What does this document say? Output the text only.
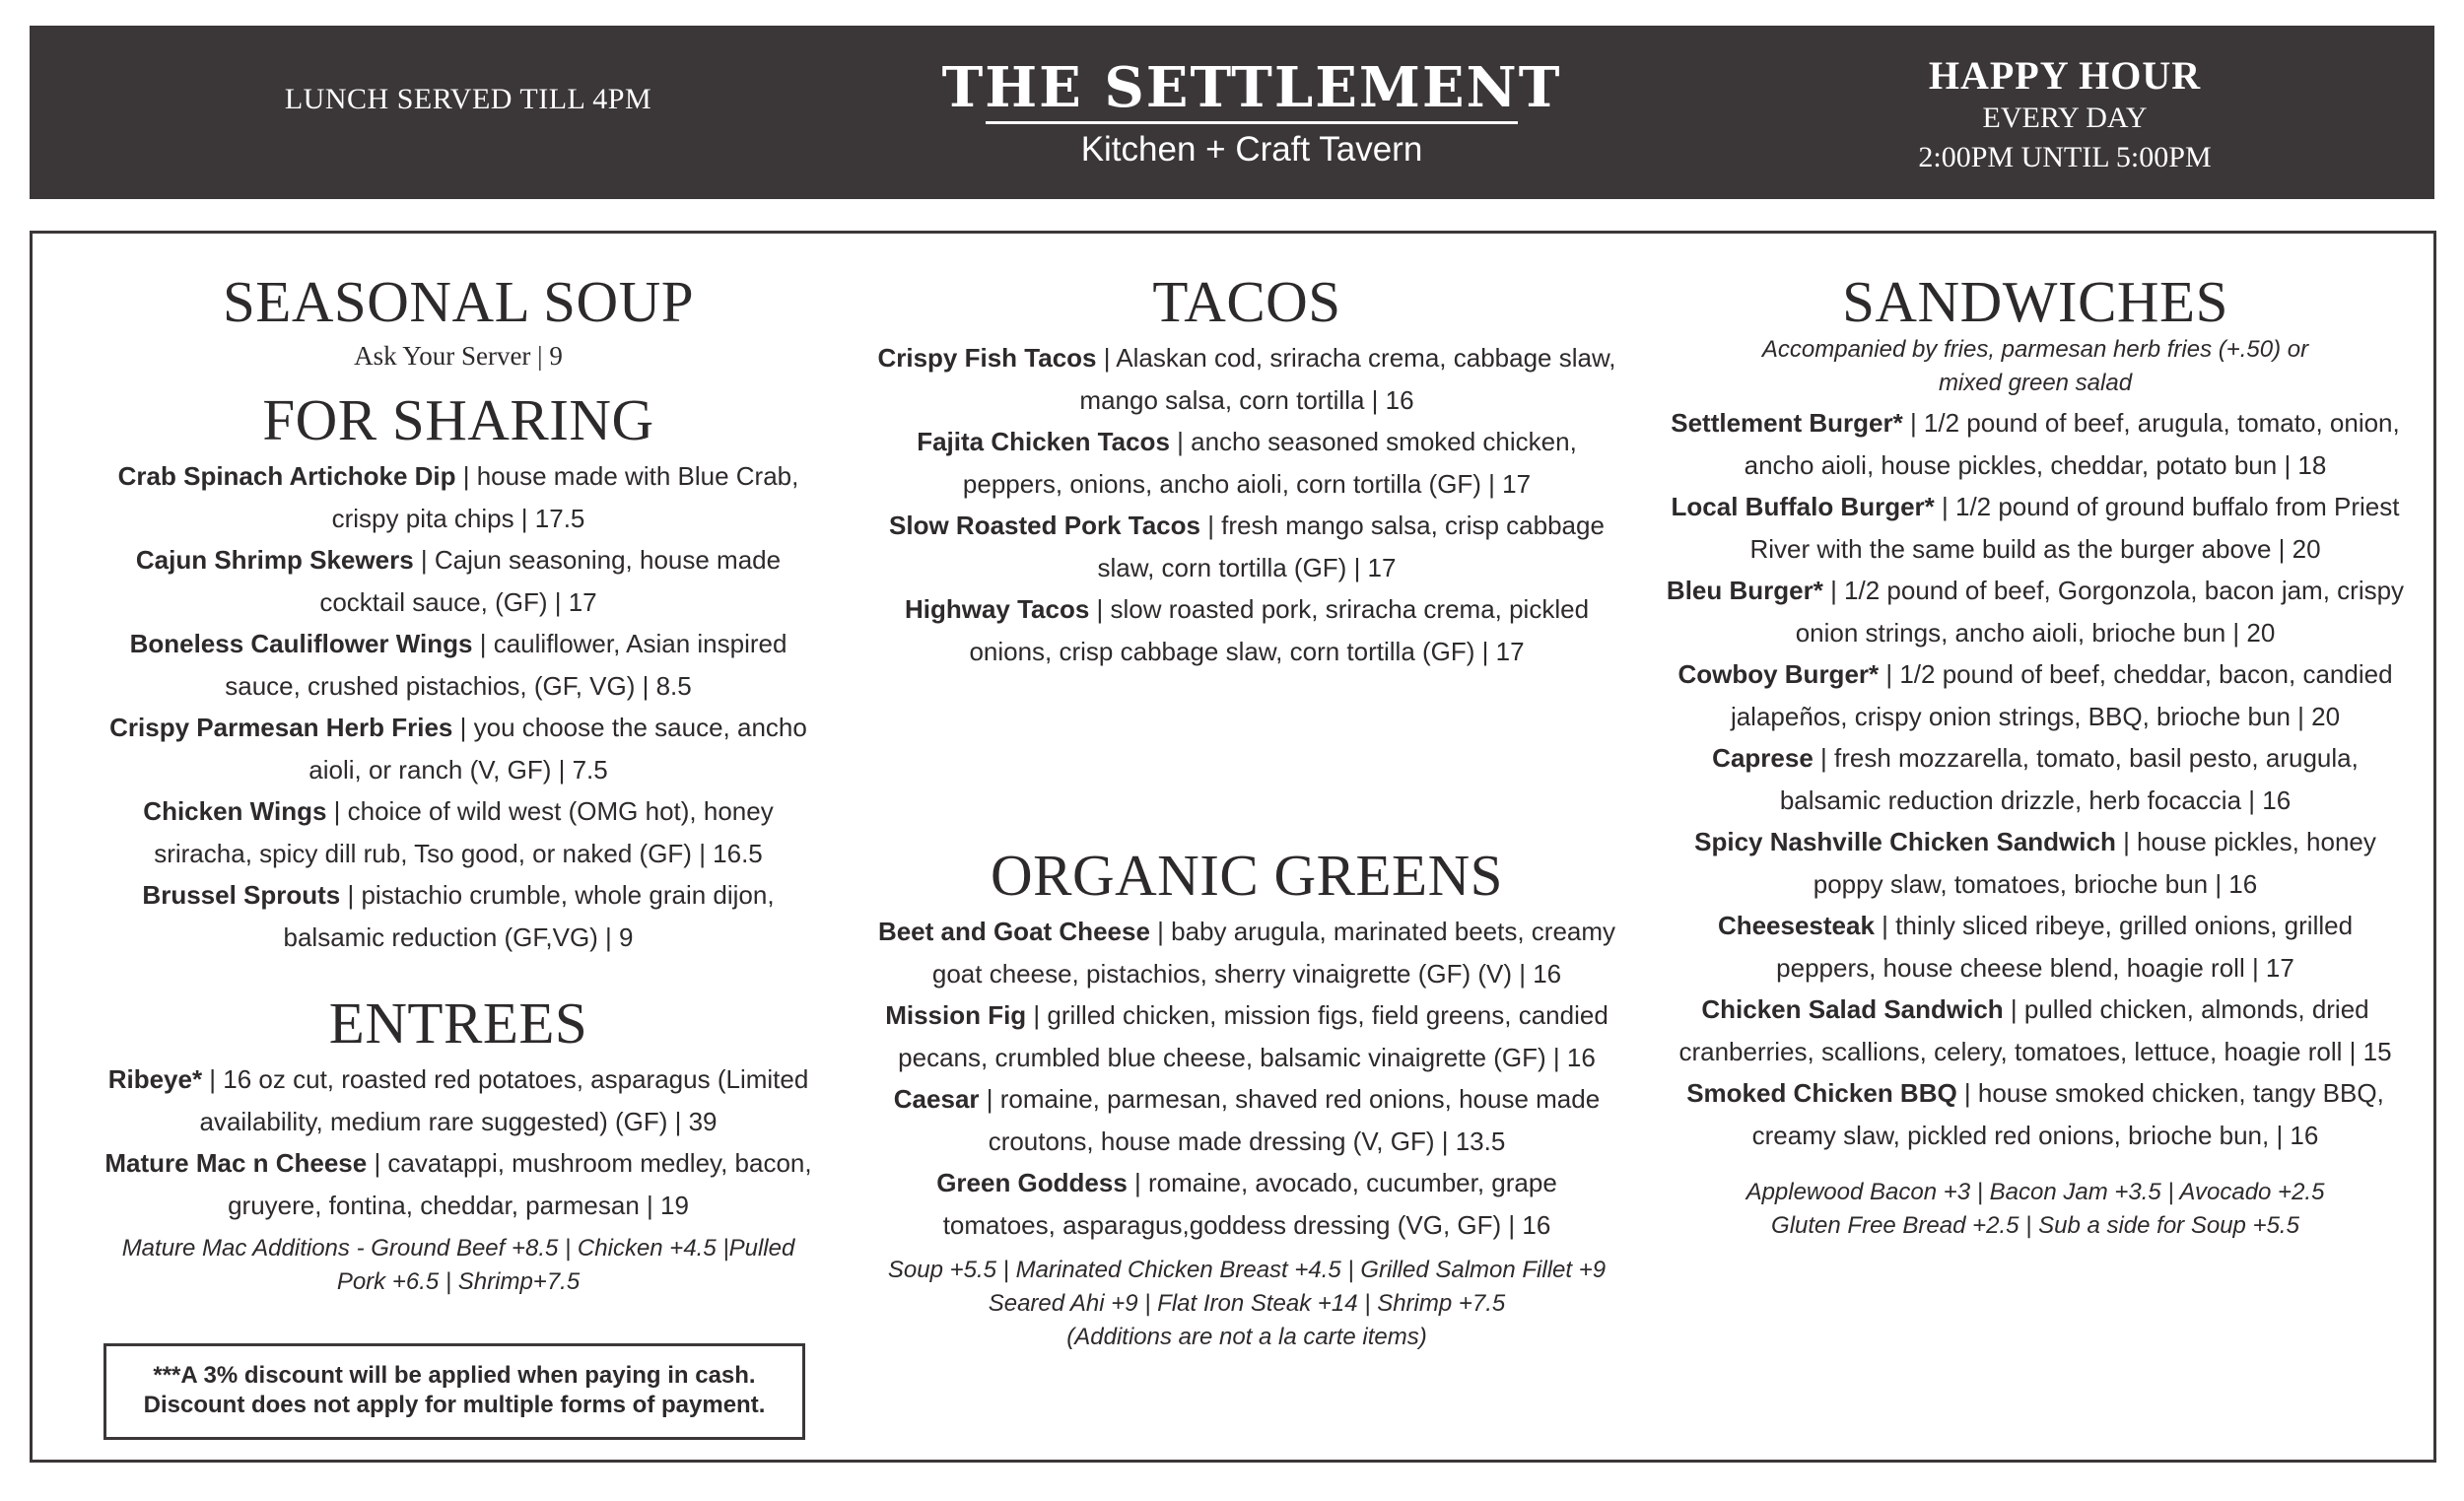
LUNCH SERVED TILL 4PM	THE SETTLEMENT
Kitchen + Craft Tavern
HAPPY HOUR
EVERY DAY
2:00PM UNTIL 5:00PM
SEASONAL SOUP
Ask Your Server | 9
FOR SHARING
Crab Spinach Artichoke Dip | house made with Blue Crab, crispy pita chips | 17.5
Cajun Shrimp Skewers | Cajun seasoning, house made cocktail sauce, (GF) | 17
Boneless Cauliflower Wings | cauliflower, Asian inspired sauce, crushed pistachios, (GF, VG) | 8.5
Crispy Parmesan Herb Fries | you choose the sauce, ancho aioli, or ranch (V, GF) | 7.5
Chicken Wings | choice of wild west (OMG hot), honey sriracha, spicy dill rub, Tso good, or naked (GF) | 16.5
Brussel Sprouts | pistachio crumble, whole grain dijon, balsamic reduction (GF,VG) | 9
ENTREES
Ribeye* | 16 oz cut, roasted red potatoes, asparagus (Limited availability, medium rare suggested) (GF) | 39
Mature Mac n Cheese | cavatappi, mushroom medley, bacon, gruyere, fontina, cheddar, parmesan | 19
Mature Mac Additions - Ground Beef +8.5 | Chicken +4.5 |Pulled Pork +6.5 | Shrimp+7.5
***A 3% discount will be applied when paying in cash.
Discount does not apply for multiple forms of payment.
TACOS
Crispy Fish Tacos | Alaskan cod, sriracha crema, cabbage slaw, mango salsa, corn tortilla | 16
Fajita Chicken Tacos | ancho seasoned smoked chicken, peppers, onions, ancho aioli, corn tortilla (GF) | 17
Slow Roasted Pork Tacos | fresh mango salsa, crisp cabbage slaw, corn tortilla (GF) | 17
Highway Tacos | slow roasted pork, sriracha crema, pickled onions, crisp cabbage slaw, corn tortilla (GF) | 17
ORGANIC GREENS
Beet and Goat Cheese | baby arugula, marinated beets, creamy goat cheese, pistachios, sherry vinaigrette (GF) (V) | 16
Mission Fig | grilled chicken, mission figs, field greens, candied pecans, crumbled blue cheese, balsamic vinaigrette (GF) | 16
Caesar | romaine, parmesan, shaved red onions, house made croutons, house made dressing (V, GF) | 13.5
Green Goddess | romaine, avocado, cucumber, grape tomatoes, asparagus,goddess dressing (VG, GF) | 16
Soup +5.5 | Marinated Chicken Breast +4.5 | Grilled Salmon Fillet +9
Seared Ahi +9 | Flat Iron Steak +14 | Shrimp +7.5
(Additions are not a la carte items)
SANDWICHES
Accompanied by fries, parmesan herb fries (+.50) or mixed green salad
Settlement Burger* | 1/2 pound of beef, arugula, tomato, onion, ancho aioli, house pickles, cheddar, potato bun | 18
Local Buffalo Burger* | 1/2 pound of ground buffalo from Priest River with the same build as the burger above | 20
Bleu Burger* | 1/2 pound of beef, Gorgonzola, bacon jam, crispy onion strings, ancho aioli, brioche bun | 20
Cowboy Burger* | 1/2 pound of beef, cheddar, bacon, candied jalapeños, crispy onion strings, BBQ, brioche bun | 20
Caprese | fresh mozzarella, tomato, basil pesto, arugula, balsamic reduction drizzle, herb focaccia | 16
Spicy Nashville Chicken Sandwich | house pickles, honey poppy slaw, tomatoes, brioche bun | 16
Cheesesteak | thinly sliced ribeye, grilled onions, grilled peppers, house cheese blend, hoagie roll | 17
Chicken Salad Sandwich | pulled chicken, almonds, dried cranberries, scallions, celery, tomatoes, lettuce, hoagie roll | 15
Smoked Chicken BBQ | house smoked chicken, tangy BBQ, creamy slaw, pickled red onions, brioche bun, | 16
Applewood Bacon +3 | Bacon Jam +3.5 | Avocado +2.5
Gluten Free Bread +2.5 | Sub a side for Soup +5.5
